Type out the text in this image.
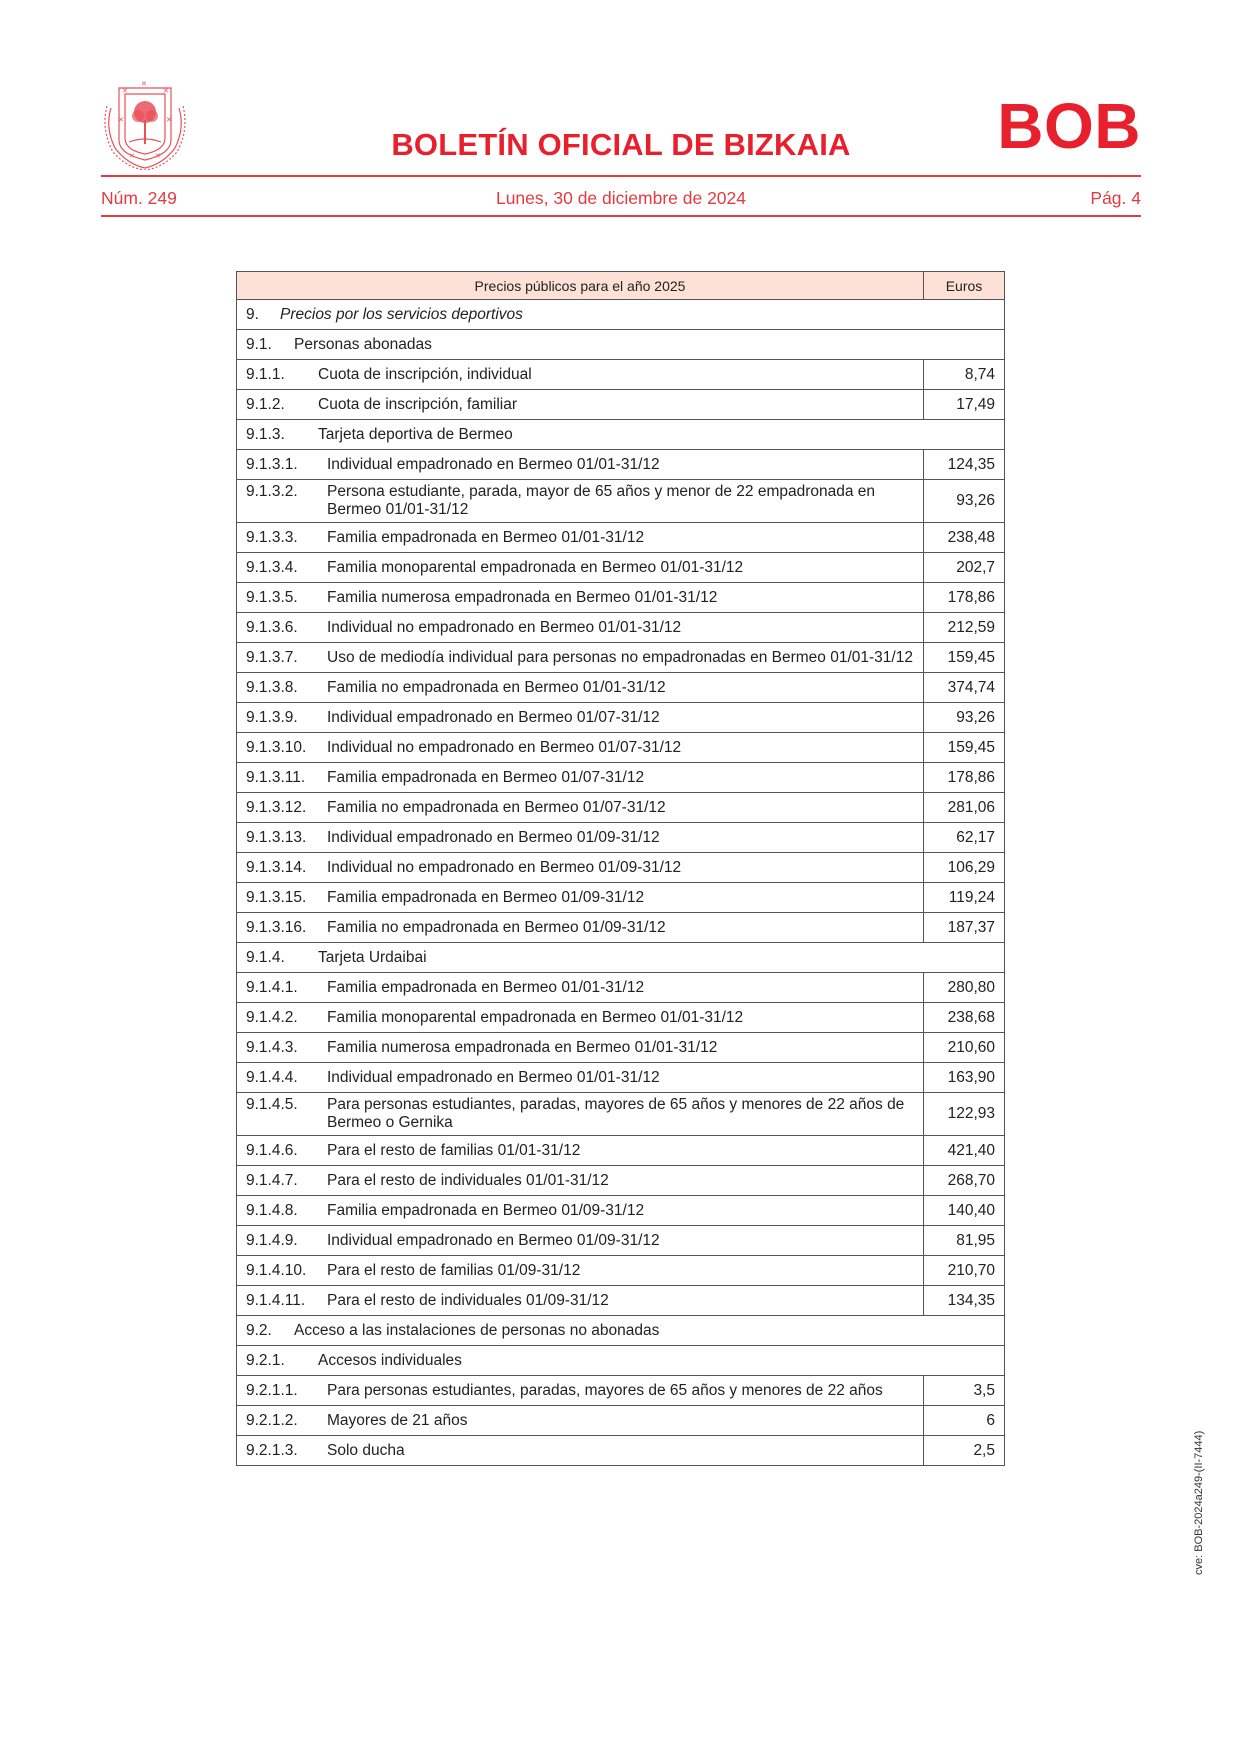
✕
✕
✕
✕	✕
✕	✕	BOLETÍN OFICIAL DE BIZKAIA	BOB
Núm. 249	Lunes, 30 de diciembre de 2024	Pág. 4
Precios públicos para el año 2025	Euros

9. Precios por los servicios deportivos	

9.1. Personas abonadas	

9.1.1. Cuota de inscripción, individual	8,74

9.1.2. Cuota de inscripción, familiar	17,49

9.1.3. Tarjeta deportiva de Bermeo	

9.1.3.1. Individual empadronado en Bermeo 01/01-31/12	124,35

9.1.3.2. Persona estudiante, parada, mayor de 65 años y menor de 22 empadronada en Bermeo 01/01-31/12	93,26

9.1.3.3. Familia empadronada en Bermeo 01/01-31/12	238,48

9.1.3.4. Familia monoparental empadronada en Bermeo 01/01-31/12	202,7

9.1.3.5. Familia numerosa empadronada en Bermeo 01/01-31/12	178,86

9.1.3.6. Individual no empadronado en Bermeo 01/01-31/12	212,59

9.1.3.7. Uso de mediodía individual para personas no empadronadas en Bermeo 01/01-31/12	159,45

9.1.3.8. Familia no empadronada en Bermeo 01/01-31/12	374,74

9.1.3.9. Individual empadronado en Bermeo 01/07-31/12	93,26

9.1.3.10. Individual no empadronado en Bermeo 01/07-31/12	159,45

9.1.3.11. Familia empadronada en Bermeo 01/07-31/12	178,86

9.1.3.12. Familia no empadronada en Bermeo 01/07-31/12	281,06

9.1.3.13. Individual empadronado en Bermeo 01/09-31/12	62,17

9.1.3.14. Individual no empadronado en Bermeo 01/09-31/12	106,29

9.1.3.15. Familia empadronada en Bermeo 01/09-31/12	119,24

9.1.3.16. Familia no empadronada en Bermeo 01/09-31/12	187,37

9.1.4. Tarjeta Urdaibai	

9.1.4.1. Familia empadronada en Bermeo 01/01-31/12	280,80

9.1.4.2. Familia monoparental empadronada en Bermeo 01/01-31/12	238,68

9.1.4.3. Familia numerosa empadronada en Bermeo 01/01-31/12	210,60

9.1.4.4. Individual empadronado en Bermeo 01/01-31/12	163,90

9.1.4.5. Para personas estudiantes, paradas, mayores de 65 años y menores de 22 años de Bermeo o Gernika	122,93

9.1.4.6. Para el resto de familias 01/01-31/12	421,40

9.1.4.7. Para el resto de individuales 01/01-31/12	268,70

9.1.4.8. Familia empadronada en Bermeo 01/09-31/12	140,40

9.1.4.9. Individual empadronado en Bermeo 01/09-31/12	81,95

9.1.4.10. Para el resto de familias 01/09-31/12	210,70

9.1.4.11. Para el resto de individuales 01/09-31/12	134,35

9.2. Acceso a las instalaciones de personas no abonadas	

9.2.1. Accesos individuales	

9.2.1.1. Para personas estudiantes, paradas, mayores de 65 años y menores de 22 años	3,5

9.2.1.2. Mayores de 21 años	6

9.2.1.3. Solo ducha	2,5	cve: BOB-2024a249-(II-7444)
